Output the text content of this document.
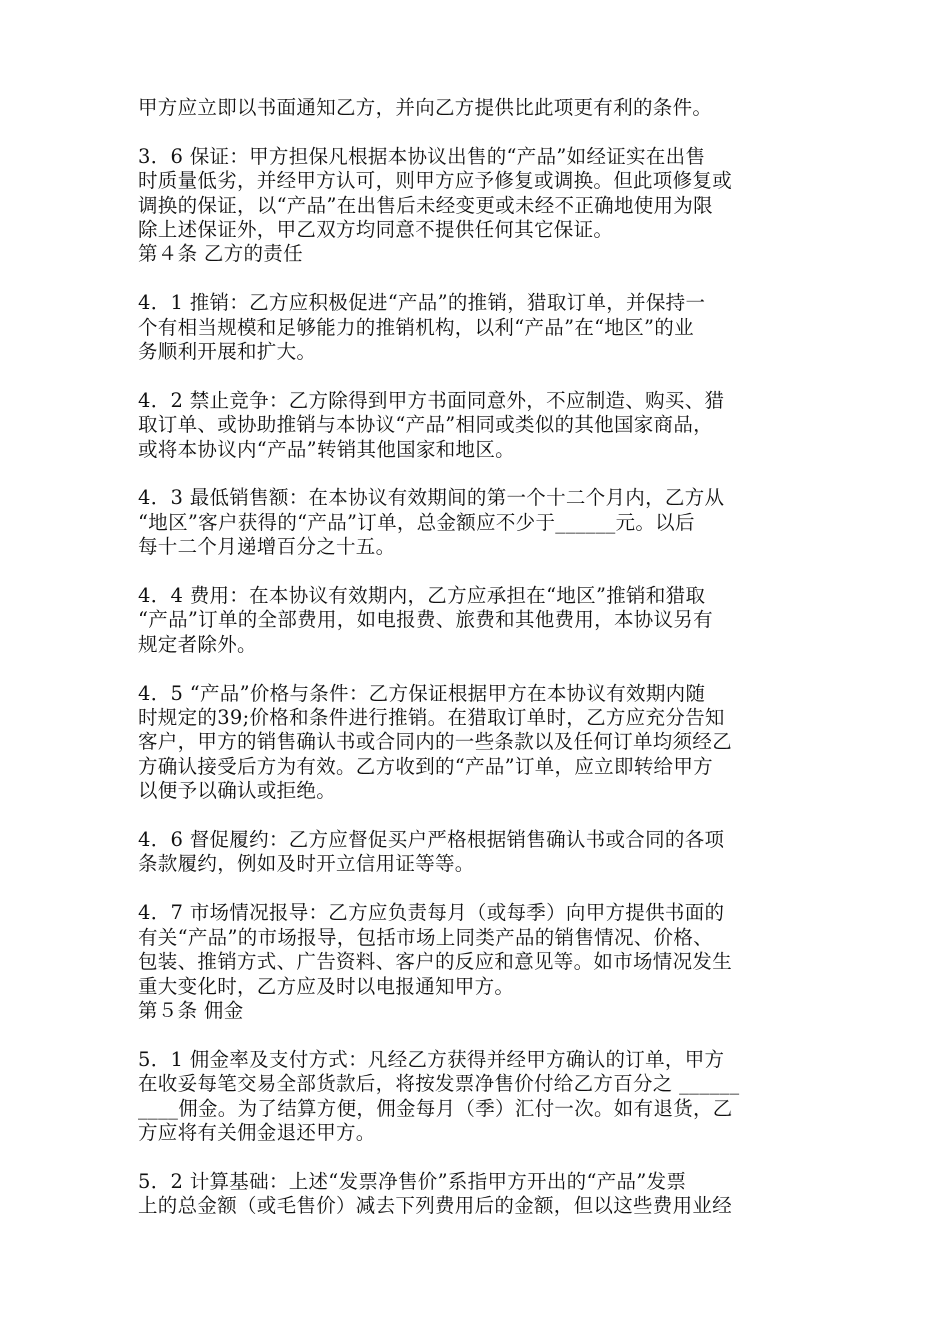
甲方应立即以书面通知乙方，并向乙方提供比此项更有利的条件。
3．6 保证：甲方担保凡根据本协议出售的“产品”如经证实在出售
时质量低劣，并经甲方认可，则甲方应予修复或调换。但此项修复或
调换的保证，以“产品”在出售后未经变更或未经不正确地使用为限
除上述保证外，甲乙双方均同意不提供任何其它保证。
第４条 乙方的责任
4．1 推销：乙方应积极促进“产品”的推销，猎取订单，并保持一
个有相当规模和足够能力的推销机构，以利“产品”在“地区”的业
务顺利开展和扩大。
4．2 禁止竞争：乙方除得到甲方书面同意外，不应制造、购买、猎
取订单、或协助推销与本协议“产品”相同或类似的其他国家商品，
或将本协议内“产品”转销其他国家和地区。
4．3 最低销售额：在本协议有效期间的第一个十二个月内，乙方从
“地区”客户获得的“产品”订单，总金额应不少于______元。以后
每十二个月递增百分之十五。
4．4 费用：在本协议有效期内，乙方应承担在“地区”推销和猎取
“产品”订单的全部费用，如电报费、旅费和其他费用，本协议另有
规定者除外。
4．5 “产品”价格与条件：乙方保证根据甲方在本协议有效期内随
时规定的39;价格和条件进行推销。在猎取订单时，乙方应充分告知
客户，甲方的销售确认书或合同内的一些条款以及任何订单均须经乙
方确认接受后方为有效。乙方收到的“产品”订单，应立即转给甲方
以便予以确认或拒绝。
4．6 督促履约：乙方应督促买户严格根据销售确认书或合同的各项
条款履约，例如及时开立信用证等等。
4．7 市场情况报导：乙方应负责每月（或每季）向甲方提供书面的
有关“产品”的市场报导，包括市场上同类产品的销售情况、价格、
包装、推销方式、广告资料、客户的反应和意见等。如市场情况发生
重大变化时，乙方应及时以电报通知甲方。
第５条 佣金
5．1 佣金率及支付方式：凡经乙方获得并经甲方确认的订单，甲方
在收妥每笔交易全部货款后，将按发票净售价付给乙方百分之 ______
____佣金。为了结算方便，佣金每月（季）汇付一次。如有退货，乙
方应将有关佣金退还甲方。
5．2 计算基础：上述“发票净售价”系指甲方开出的“产品”发票
上的总金额（或毛售价）减去下列费用后的金额，但以这些费用业经
